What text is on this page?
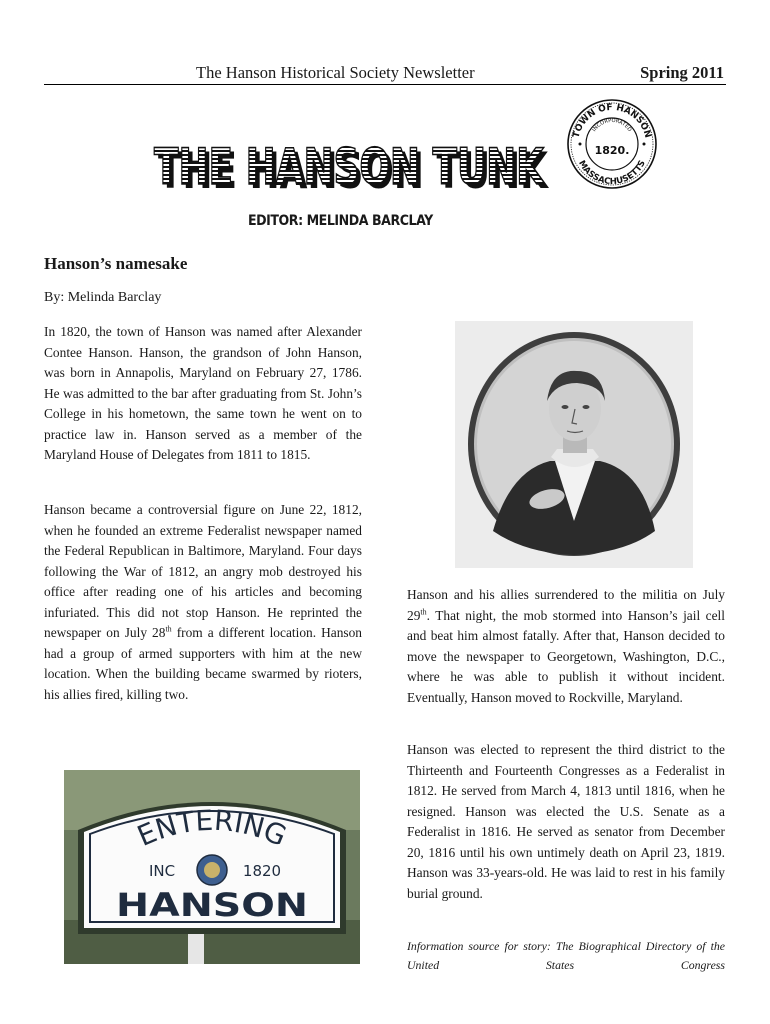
The Hanson Historical Society Newsletter	Spring 2011
THE HANSON TUNK
THE HANSON TUNK
TOWN OF HANSON
MASSACHUSETTS
INCORPORATED
1820.
EDITOR: MELINDA BARCLAY
Hanson’s namesake
By: Melinda Barclay

In 1820, the town of Hanson was named after Alexander Contee Hanson. Hanson, the grandson of John Hanson, was born in Annapolis, Maryland on February 27, 1786. He was admitted to the bar after graduating from St. John’s College in his hometown, the same town he went on to practice law in. Hanson served as a member of the Maryland House of Delegates from 1811 to 1815.

Hanson became a controversial figure on June 22, 1812, when he founded an extreme Federalist newspaper named the Federal Republican in Baltimore, Maryland. Four days following the War of 1812, an angry mob destroyed his office after reading one of his articles and becoming infuriated. This did not stop Hanson. He reprinted the newspaper on July 28th from a different location. Hanson had a group of armed supporters with him at the new location. When the building became swarmed by rioters, his allies fired, killing two.

Hanson and his allies surrendered to the militia on July 29th. That night, the mob stormed into Hanson’s jail cell and beat him almost fatally. After that, Hanson decided to move the newspaper to Georgetown, Washington, D.C., where he was able to publish it without incident. Eventually, Hanson moved to Rockville, Maryland.

Hanson was elected to represent the third district to the Thirteenth and Fourteenth Congresses as a Federalist in 1812. He served from March 4, 1813 until 1816, when he resigned. Hanson was elected the U.S. Senate as a Federalist in 1816. He served as senator from December 20, 1816 until his own untimely death on April 23, 1819. Hanson was 33-years-old. He was laid to rest in his family burial ground.

Information source for story: The Biographical Directory of the United States Congress

ENTERING
INC	1820
HANSON
